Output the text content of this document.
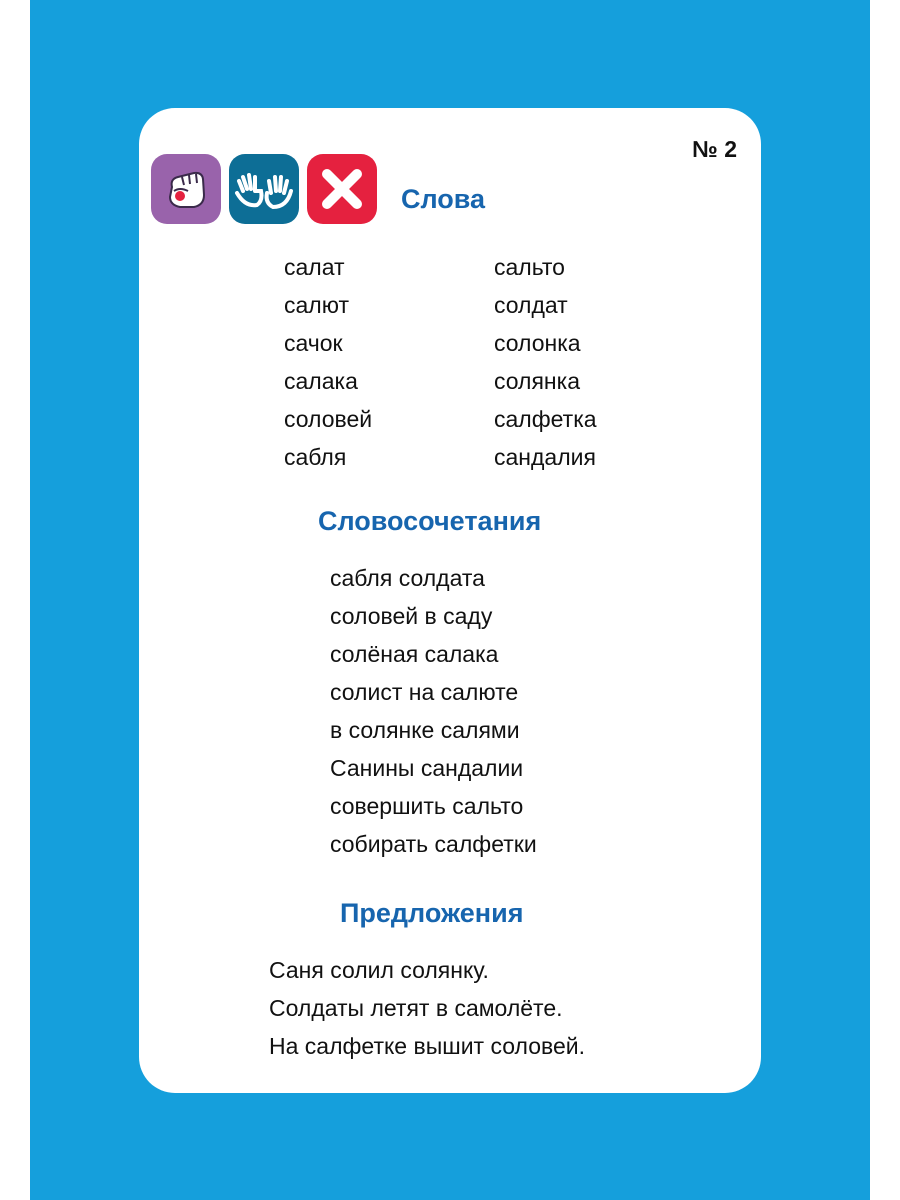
№ 2
Слова
салат
салют
сачок
салака
соловей
сабля
сальто
солдат
солонка
солянка
салфетка
сандалия
Словосочетания
сабля солдата
соловей в саду
солёная салака
солист на салюте
в солянке салями
Санины сандалии
совершить сальто
собирать салфетки
Предложения
Саня солил солянку.
Солдаты летят в самолёте.
На салфетке вышит соловей.
